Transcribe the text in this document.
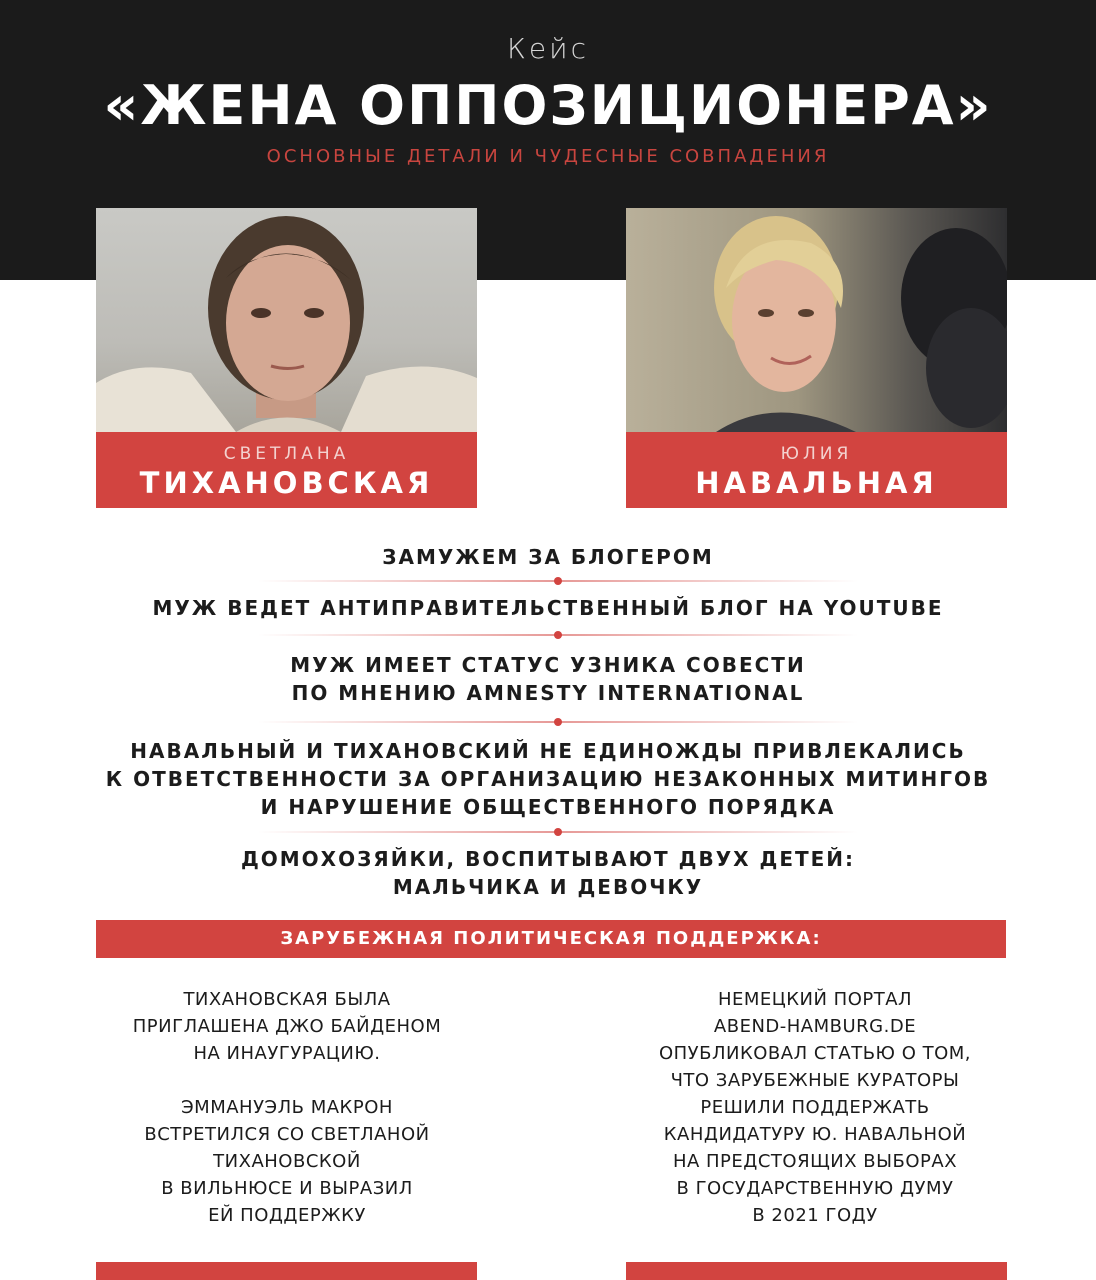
Кейс
«ЖЕНА ОППОЗИЦИОНЕРА»
ОСНОВНЫЕ ДЕТАЛИ И ЧУДЕСНЫЕ СОВПАДЕНИЯ
СВЕТЛАНА
ТИХАНОВСКАЯ
ЮЛИЯ
НАВАЛЬНАЯ
ЗАМУЖЕМ ЗА БЛОГЕРОМ
МУЖ ВЕДЕТ АНТИПРАВИТЕЛЬСТВЕННЫЙ БЛОГ НА YOUTUBE
МУЖ ИМЕЕТ СТАТУС УЗНИКА СОВЕСТИ
ПО МНЕНИЮ AMNESTY INTERNATIONAL
НАВАЛЬНЫЙ И ТИХАНОВСКИЙ НЕ ЕДИНОЖДЫ ПРИВЛЕКАЛИСЬ
К ОТВЕТСТВЕННОСТИ ЗА ОРГАНИЗАЦИЮ НЕЗАКОННЫХ МИТИНГОВ
И НАРУШЕНИЕ ОБЩЕСТВЕННОГО ПОРЯДКА
ДОМОХОЗЯЙКИ, ВОСПИТЫВАЮТ ДВУХ ДЕТЕЙ:
МАЛЬЧИКА И ДЕВОЧКУ
ЗАРУБЕЖНАЯ ПОЛИТИЧЕСКАЯ ПОДДЕРЖКА:
ТИХАНОВСКАЯ БЫЛА
ПРИГЛАШЕНА ДЖО БАЙДЕНОМ
НА ИНАУГУРАЦИЮ.
ЭММАНУЭЛЬ МАКРОН
ВСТРЕТИЛСЯ СО СВЕТЛАНОЙ
ТИХАНОВСКОЙ
В ВИЛЬНЮСЕ И ВЫРАЗИЛ
ЕЙ ПОДДЕРЖКУ
НЕМЕЦКИЙ ПОРТАЛ
ABEND-HAMBURG.DE
ОПУБЛИКОВАЛ СТАТЬЮ О ТОМ,
ЧТО ЗАРУБЕЖНЫЕ КУРАТОРЫ
РЕШИЛИ ПОДДЕРЖАТЬ
КАНДИДАТУРУ Ю. НАВАЛЬНОЙ
НА ПРЕДСТОЯЩИХ ВЫБОРАХ
В ГОСУДАРСТВЕННУЮ ДУМУ
В 2021 ГОДУ
